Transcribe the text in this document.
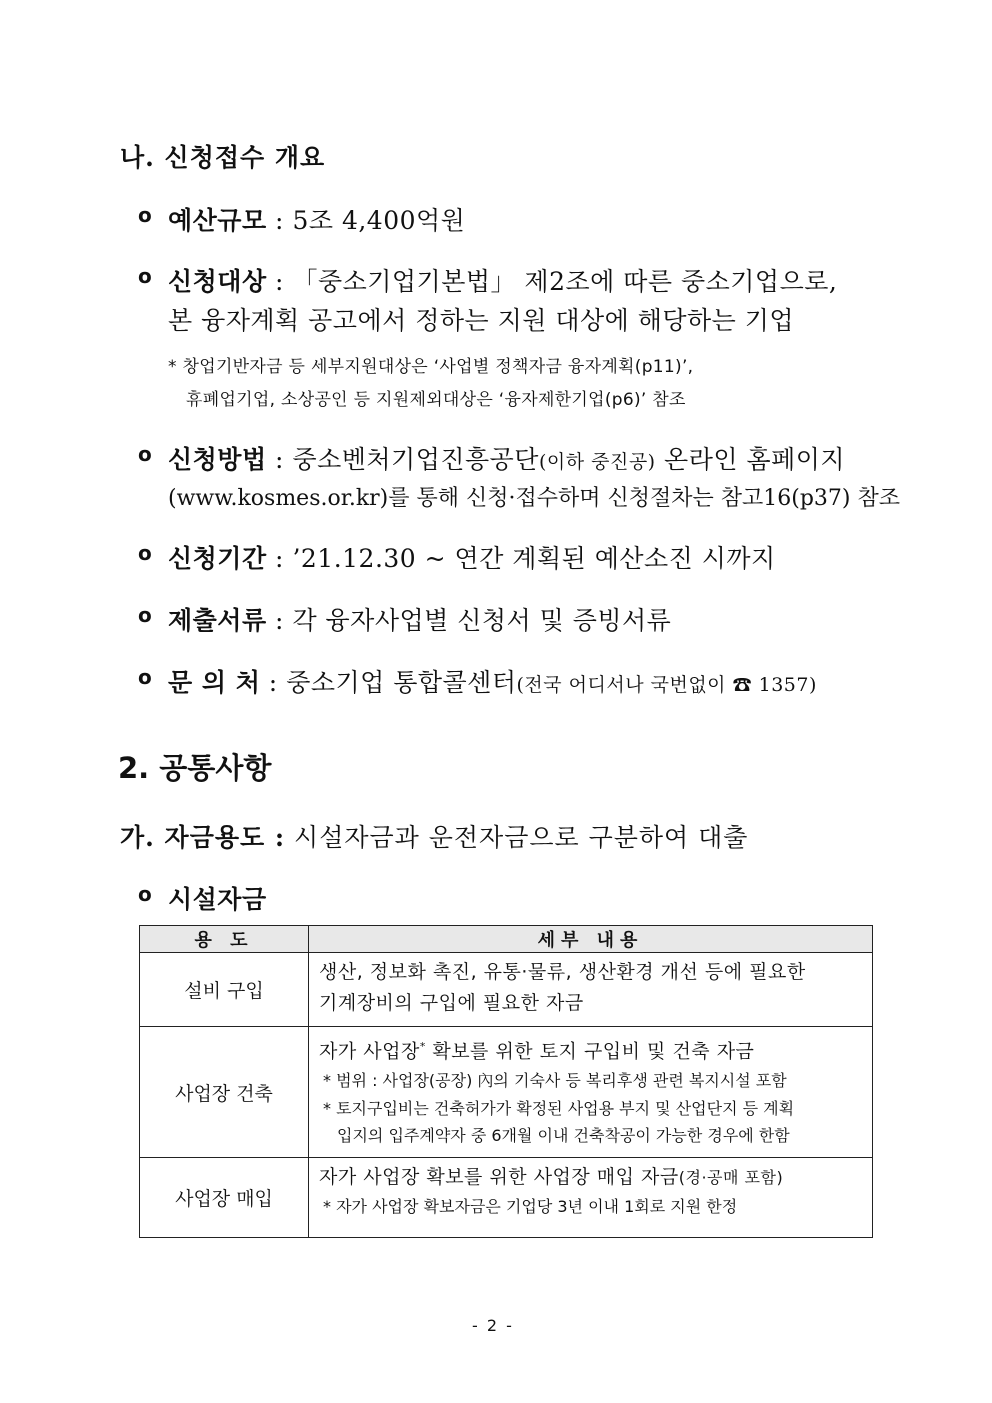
나. 신청접수 개요
o 예산규모 : 5조 4,400억원
o 신청대상 : 「중소기업기본법」 제2조에 따른 중소기업으로,
본 융자계획 공고에서 정하는 지원 대상에 해당하는 기업
* 창업기반자금 등 세부지원대상은 ‘사업별 정책자금 융자계획(p11)’,
휴폐업기업, 소상공인 등 지원제외대상은 ‘융자제한기업(p6)’ 참조
o 신청방법 : 중소벤처기업진흥공단(이하 중진공) 온라인 홈페이지
(www.kosmes.or.kr)를 통해 신청·접수하며 신청절차는 참고16(p37) 참조
o 신청기간 : ’21.12.30 ~ 연간 계획된 예산소진 시까지
o 제출서류 : 각 융자사업별 신청서 및 증빙서류
o 문 의 처 : 중소기업 통합콜센터(전국 어디서나 국번없이 ☎ 1357)
2. 공통사항
가. 자금용도 : 시설자금과 운전자금으로 구분하여 대출
o 시설자금
용 도	세부 내용
설비 구입	생산, 정보화 촉진, 유통·물류, 생산환경 개선 등에 필요한
기계장비의 구입에 필요한 자금

사업장 건축	자가 사업장* 확보를 위한 토지 구입비 및 건축 자금
* 범위 : 사업장(공장) 內의 기숙사 등 복리후생 관련 복지시설 포함
* 토지구입비는 건축허가가 확정된 사업용 부지 및 산업단지 등 계획
입지의 입주계약자 중 6개월 이내 건축착공이 가능한 경우에 한함

사업장 매입	자가 사업장 확보를 위한 사업장 매입 자금(경·공매 포함)
* 자가 사업장 확보자금은 기업당 3년 이내 1회로 지원 한정
- 2 -
